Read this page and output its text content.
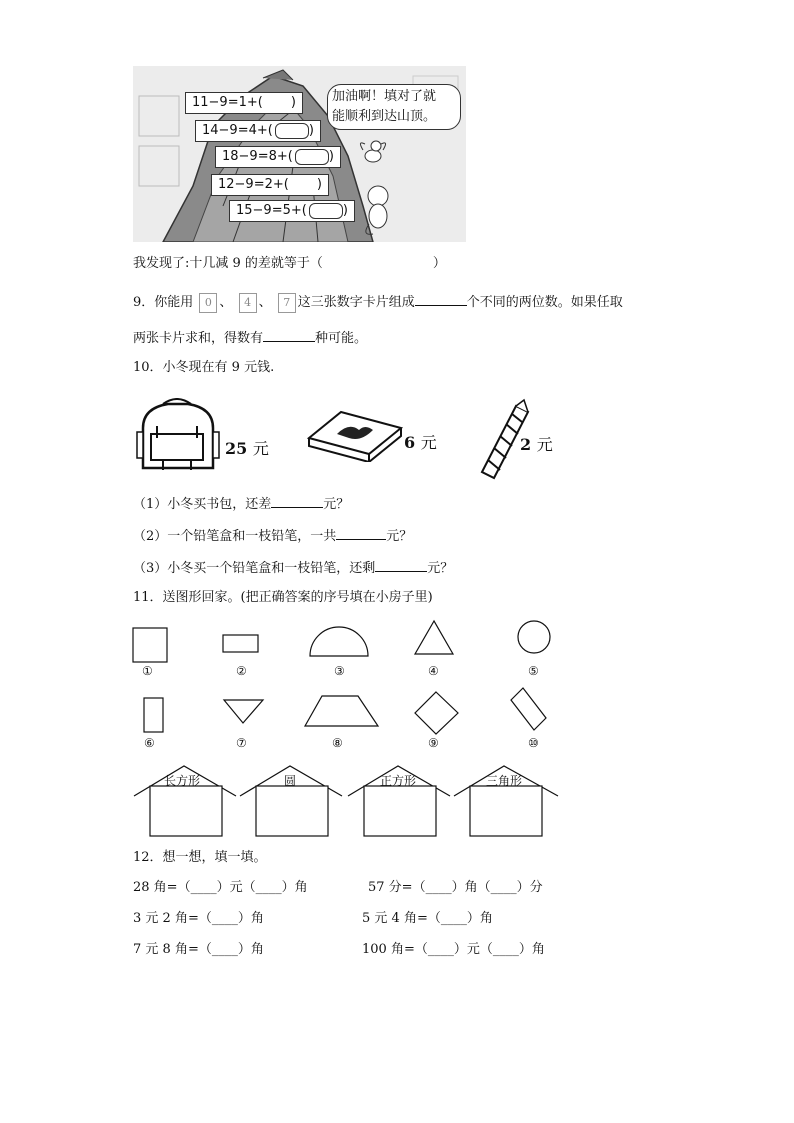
11−9=1+( )
14−9=4+(	)
18−9=8+(	)
12−9=2+( )
15−9=5+(	)
加油啊！填对了就
能顺利到达山顶。
我发现了:十几减 9 的差就等于（	）
9．你能用 0 、 4 、 7 这三张数字卡片组成	个不同的两位数。如果任取
两张卡片求和，得数有	种可能。
10．小冬现在有 9 元钱.
25 元	6 元	2 元
（1）小冬买书包，还差	元？
（2）一个铅笔盒和一枝铅笔，一共	元？
（3）小冬买一个铅笔盒和一枝铅笔，还剩	元？
11．送图形回家。(把正确答案的序号填在小房子里)
①	②	③	④	⑤
⑥	⑦	⑧	⑨	⑩
长方形	圆	正方形	三角形
12．想一想，填一填。
28 角=（____）元（____）角	57 分=（____）角（____）分
3 元 2 角=（____）角	5 元 4 角=（____）角
7 元 8 角=（____）角	100 角=（____）元（____）角
